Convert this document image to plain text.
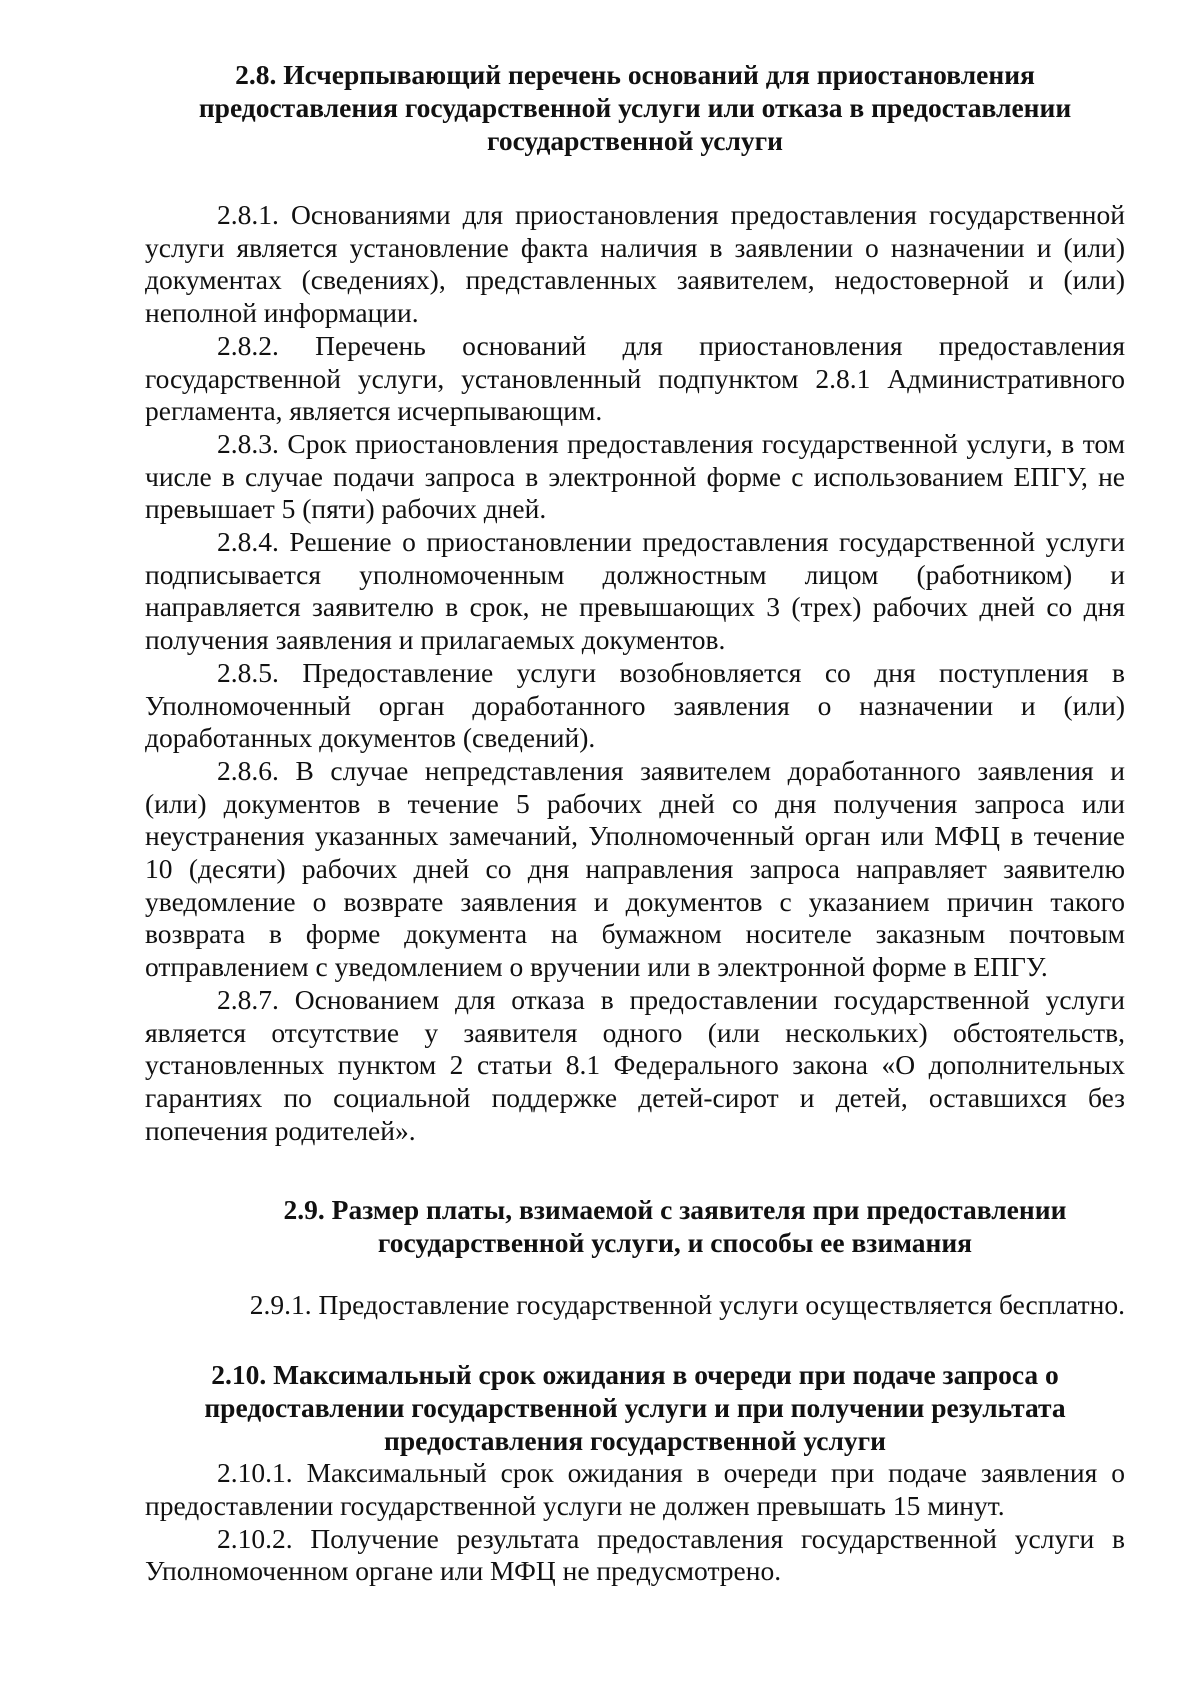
2.8. Исчерпывающий перечень оснований для приостановления предоставления государственной услуги или отказа в предоставлении государственной услуги

2.8.1. Основаниями для приостановления предоставления государственной услуги является установление факта наличия в заявлении о назначении и (или) документах (сведениях), представленных заявителем, недостоверной и (или) неполной информации.

2.8.2. Перечень оснований для приостановления предоставления государственной услуги, установленный подпунктом 2.8.1 Административного регламента, является исчерпывающим.

2.8.3. Срок приостановления предоставления государственной услуги, в том числе в случае подачи запроса в электронной форме с использованием ЕПГУ, не превышает 5 (пяти) рабочих дней.

2.8.4. Решение о приостановлении предоставления государственной услуги подписывается уполномоченным должностным лицом (работником) и направляется заявителю в срок, не превышающих 3 (трех) рабочих дней со дня получения заявления и прилагаемых документов.

2.8.5. Предоставление услуги возобновляется со дня поступления в Уполномоченный орган доработанного заявления о назначении и (или) доработанных документов (сведений).

2.8.6. В случае непредставления заявителем доработанного заявления и (или) документов в течение 5 рабочих дней со дня получения запроса или неустранения указанных замечаний, Уполномоченный орган или МФЦ в течение 10 (десяти) рабочих дней со дня направления запроса направляет заявителю уведомление о возврате заявления и документов с указанием причин такого возврата в форме документа на бумажном носителе заказным почтовым отправлением с уведомлением о вручении или в электронной форме в ЕПГУ.

2.8.7. Основанием для отказа в предоставлении государственной услуги является отсутствие у заявителя одного (или нескольких) обстоятельств, установленных пунктом 2 статьи 8.1 Федерального закона «О дополнительных гарантиях по социальной поддержке детей-сирот и детей, оставшихся без попечения родителей».

2.9. Размер платы, взимаемой с заявителя при предоставлении государственной услуги, и способы ее взимания

2.9.1. Предоставление государственной услуги осуществляется бесплатно.

2.10. Максимальный срок ожидания в очереди при подаче запроса о предоставлении государственной услуги и при получении результата предоставления государственной услуги

2.10.1. Максимальный срок ожидания в очереди при подаче заявления о предоставлении государственной услуги не должен превышать 15 минут.

2.10.2. Получение результата предоставления государственной услуги в Уполномоченном органе или МФЦ не предусмотрено.
